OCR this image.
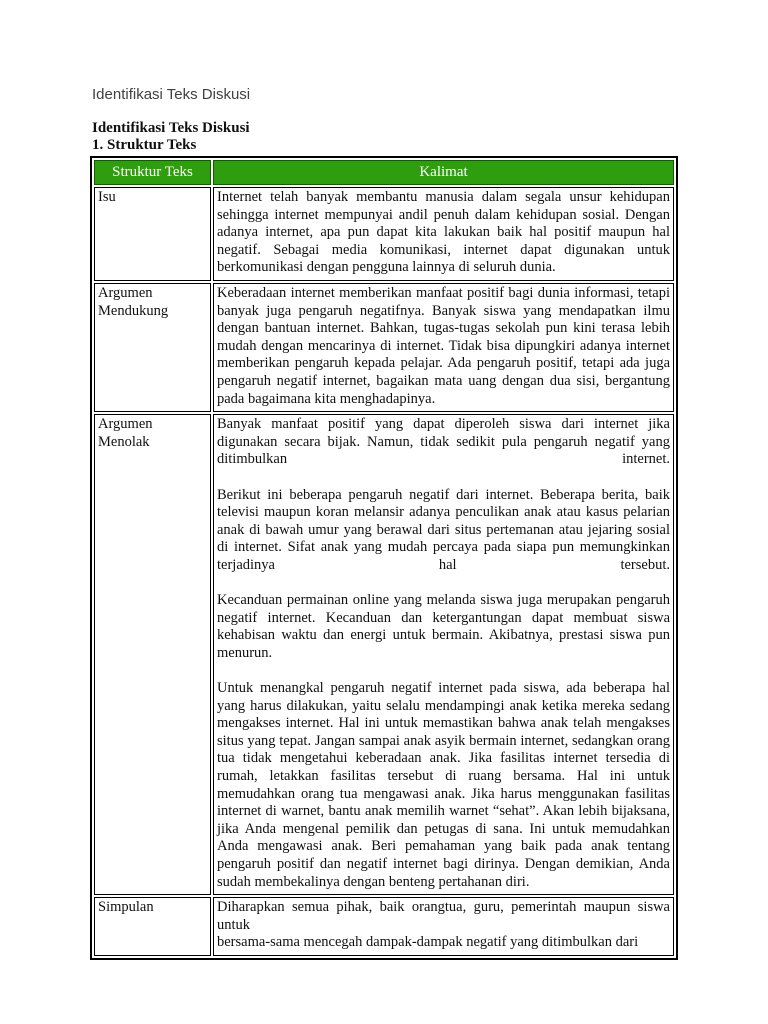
Identifikasi Teks Diskusi
Identifikasi Teks Diskusi
1. Struktur Teks
Struktur Teks	Kalimat
Isu	Internet telah banyak membantu manusia dalam segala unsur kehidupan sehingga internet mempunyai andil penuh dalam kehidupan sosial. Dengan adanya internet, apa pun dapat kita lakukan baik hal positif maupun hal negatif. Sebagai media komunikasi, internet dapat digunakan untuk berkomunikasi dengan pengguna lainnya di seluruh dunia.

Argumen Mendukung	Keberadaan internet memberikan manfaat positif bagi dunia informasi, tetapi banyak juga pengaruh negatifnya. Banyak siswa yang mendapatkan ilmu dengan bantuan internet. Bahkan, tugas-tugas sekolah pun kini terasa lebih mudah dengan mencarinya di internet. Tidak bisa dipungkiri adanya internet memberikan pengaruh kepada pelajar. Ada pengaruh positif, tetapi ada juga pengaruh negatif internet, bagaikan mata uang dengan dua sisi, bergantung pada bagaimana kita menghadapinya.

Argumen Menolak	Banyak manfaat positif yang dapat diperoleh siswa dari internet jika digunakan secara bijak. Namun, tidak sedikit pula pengaruh negatif yang ditimbulkan internet.

Berikut ini beberapa pengaruh negatif dari internet. Beberapa berita, baik televisi maupun koran melansir adanya penculikan anak atau kasus pelarian anak di bawah umur yang berawal dari situs pertemanan atau jejaring sosial di internet. Sifat anak yang mudah percaya pada siapa pun memungkinkan terjadinya hal tersebut.

Kecanduan permainan online yang melanda siswa juga merupakan pengaruh negatif internet. Kecanduan dan ketergantungan dapat membuat siswa kehabisan waktu dan energi untuk bermain. Akibatnya, prestasi siswa pun menurun.

Untuk menangkal pengaruh negatif internet pada siswa, ada beberapa hal yang harus dilakukan, yaitu selalu mendampingi anak ketika mereka sedang mengakses internet. Hal ini untuk memastikan bahwa anak telah mengakses situs yang tepat. Jangan sampai anak asyik bermain internet, sedangkan orang tua tidak mengetahui keberadaan anak. Jika fasilitas internet tersedia di rumah, letakkan fasilitas tersebut di ruang bersama. Hal ini untuk memudahkan orang tua mengawasi anak. Jika harus menggunakan fasilitas internet di warnet, bantu anak memilih warnet “sehat”. Akan lebih bijaksana, jika Anda mengenal pemilik dan petugas di sana. Ini untuk memudahkan Anda mengawasi anak. Beri pemahaman yang baik pada anak tentang pengaruh positif dan negatif internet bagi dirinya. Dengan demikian, Anda sudah membekalinya dengan benteng pertahanan diri.

Simpulan	Diharapkan semua pihak, baik orangtua, guru, pemerintah maupun siswa untuk

bersama-sama mencegah dampak-dampak negatif yang ditimbulkan dari
